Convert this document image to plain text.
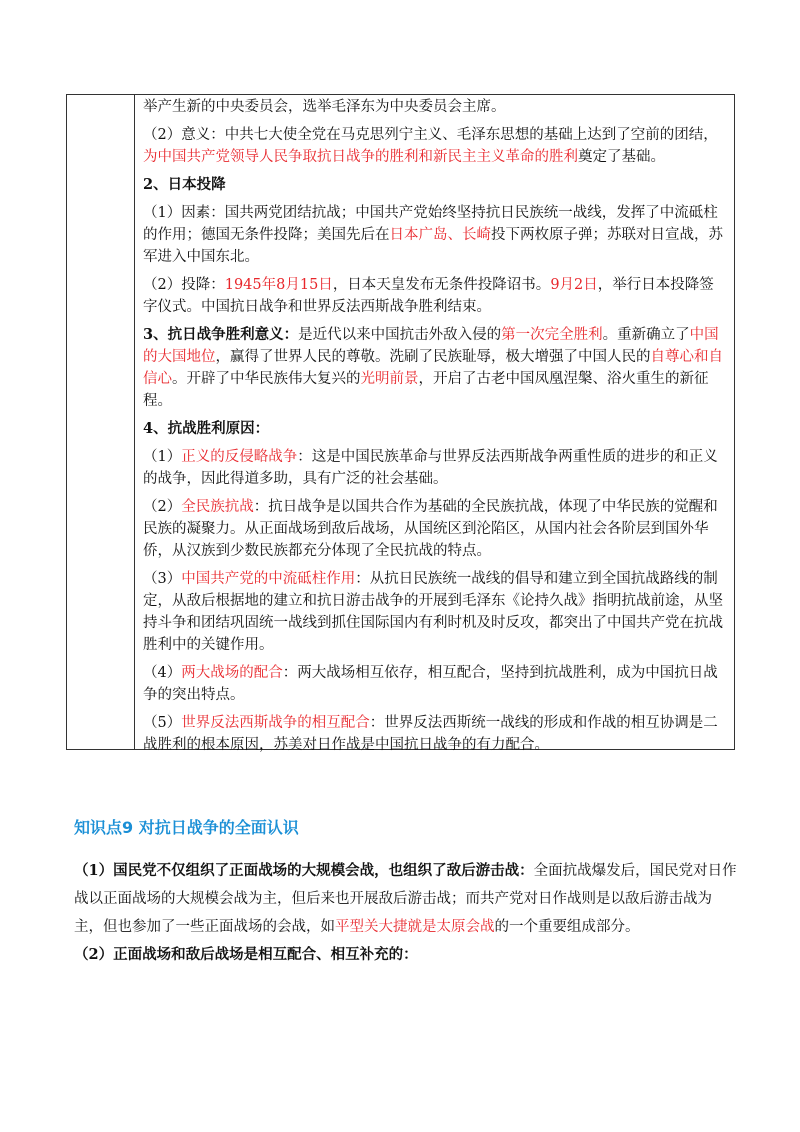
举产生新的中央委员会，选举毛泽东为中央委员会主席。

（2）意义：中共七大使全党在马克思列宁主义、毛泽东思想的基础上达到了空前的团结，为中国共产党领导人民争取抗日战争的胜利和新民主主义革命的胜利奠定了基础。

2、日本投降

（1）因素：国共两党团结抗战；中国共产党始终坚持抗日民族统一战线，发挥了中流砥柱的作用；德国无条件投降；美国先后在日本广岛、长崎投下两枚原子弹；苏联对日宣战，苏军进入中国东北。

（2）投降：1945年8月15日，日本天皇发布无条件投降诏书。9月2日，举行日本投降签字仪式。中国抗日战争和世界反法西斯战争胜利结束。

3、抗日战争胜利意义：是近代以来中国抗击外敌入侵的第一次完全胜利。重新确立了中国的大国地位，赢得了世界人民的尊敬。洗刷了民族耻辱，极大增强了中国人民的自尊心和自信心。开辟了中华民族伟大复兴的光明前景，开启了古老中国凤凰涅槃、浴火重生的新征程。

4、抗战胜利原因：

（1）正义的反侵略战争：这是中国民族革命与世界反法西斯战争两重性质的进步的和正义的战争，因此得道多助，具有广泛的社会基础。

（2）全民族抗战：抗日战争是以国共合作为基础的全民族抗战，体现了中华民族的觉醒和民族的凝聚力。从正面战场到敌后战场，从国统区到沦陷区，从国内社会各阶层到国外华侨，从汉族到少数民族都充分体现了全民抗战的特点。

（3）中国共产党的中流砥柱作用：从抗日民族统一战线的倡导和建立到全国抗战路线的制定，从敌后根据地的建立和抗日游击战争的开展到毛泽东《论持久战》指明抗战前途，从坚持斗争和团结巩固统一战线到抓住国际国内有利时机及时反攻，都突出了中国共产党在抗战胜利中的关键作用。

（4）两大战场的配合：两大战场相互依存，相互配合，坚持到抗战胜利，成为中国抗日战争的突出特点。

（5）世界反法西斯战争的相互配合：世界反法西斯统一战线的形成和作战的相互协调是二战胜利的根本原因，苏美对日作战是中国抗日战争的有力配合。

知识点9 对抗日战争的全面认识

（1）国民党不仅组织了正面战场的大规模会战，也组织了敌后游击战：全面抗战爆发后，国民党对日作战以正面战场的大规模会战为主，但后来也开展敌后游击战；而共产党对日作战则是以敌后游击战为主，但也参加了一些正面战场的会战，如平型关大捷就是太原会战的一个重要组成部分。

（2）正面战场和敌后战场是相互配合、相互补充的：
